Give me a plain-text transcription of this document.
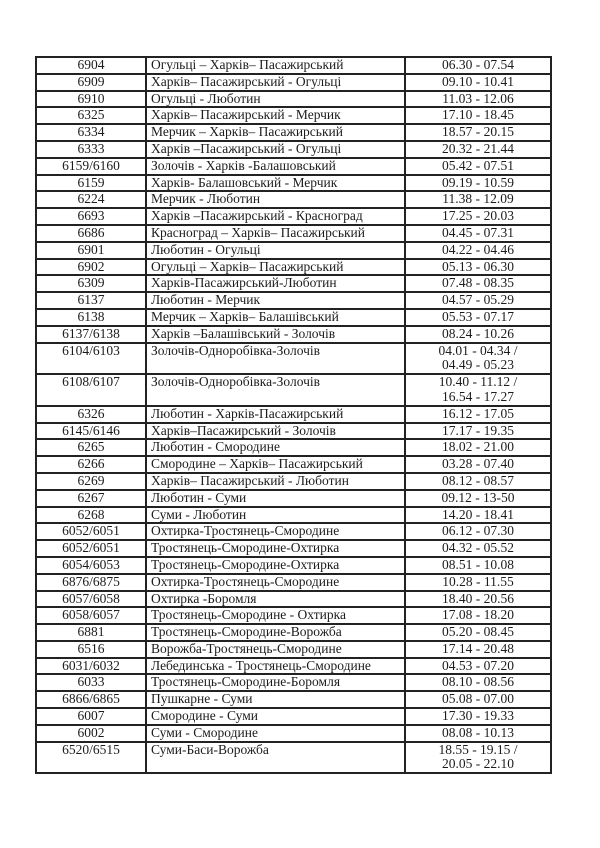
6904	Огульці – Харків– Пасажирський	06.30 - 07.54
6909	Харків– Пасажирський - Огульці	09.10 - 10.41
6910	Огульці - Люботин	11.03 - 12.06
6325	Харків– Пасажирський - Мерчик	17.10 - 18.45
6334	Мерчик – Харків– Пасажирський	18.57 - 20.15
6333	Харків –Пасажирський - Огульці	20.32 - 21.44
6159/6160	Золочів - Харків -Балашовський	05.42 - 07.51
6159	Харків- Балашовський - Мерчик	09.19 - 10.59
6224	Мерчик - Люботин	11.38 - 12.09
6693	Харків –Пасажирський - Красноград	17.25 - 20.03
6686	Красноград – Харків– Пасажирський	04.45 - 07.31
6901	Люботин - Огульці	04.22 - 04.46
6902	Огульці – Харків– Пасажирський	05.13 - 06.30
6309	Харків-Пасажирський-Люботин	07.48 - 08.35
6137	Люботин - Мерчик	04.57 - 05.29
6138	Мерчик – Харків– Балашівський	05.53 - 07.17
6137/6138	Харків –Балашівський - Золочів	08.24 - 10.26
6104/6103	Золочів-Одноробівка-Золочів	04.01 - 04.34 /
04.49 - 05.23
6108/6107	Золочів-Одноробівка-Золочів	10.40 - 11.12 /
16.54 - 17.27
6326	Люботин - Харків-Пасажирський	16.12 - 17.05
6145/6146	Харків–Пасажирський - Золочів	17.17 - 19.35
6265	Люботин - Смородине	18.02 - 21.00
6266	Смородине – Харків– Пасажирський	03.28 - 07.40
6269	Харків– Пасажирський - Люботин	08.12 - 08.57
6267	Люботин - Суми	09.12 - 13-50
6268	Суми - Люботин	14.20 - 18.41
6052/6051	Охтирка-Тростянець-Смородине	06.12 - 07.30
6052/6051	Тростянець-Смородине-Охтирка	04.32 - 05.52
6054/6053	Тростянець-Смородине-Охтирка	08.51 - 10.08
6876/6875	Охтирка-Тростянець-Смородине	10.28 - 11.55
6057/6058	Охтирка -Боромля	18.40 - 20.56
6058/6057	Тростянець-Смородине - Охтирка	17.08 - 18.20
6881	Тростянець-Смородине-Ворожба	05.20 - 08.45
6516	Ворожба-Тростянець-Смородине	17.14 - 20.48
6031/6032	Лебединська - Тростянець-Смородине	04.53 - 07.20
6033	Тростянець-Смородине-Боромля	08.10 - 08.56
6866/6865	Пушкарне - Суми	05.08 - 07.00
6007	Смородине - Суми	17.30 - 19.33
6002	Суми - Смородине	08.08 - 10.13
6520/6515	Суми-Баси-Ворожба	18.55 - 19.15 /
20.05 - 22.10
